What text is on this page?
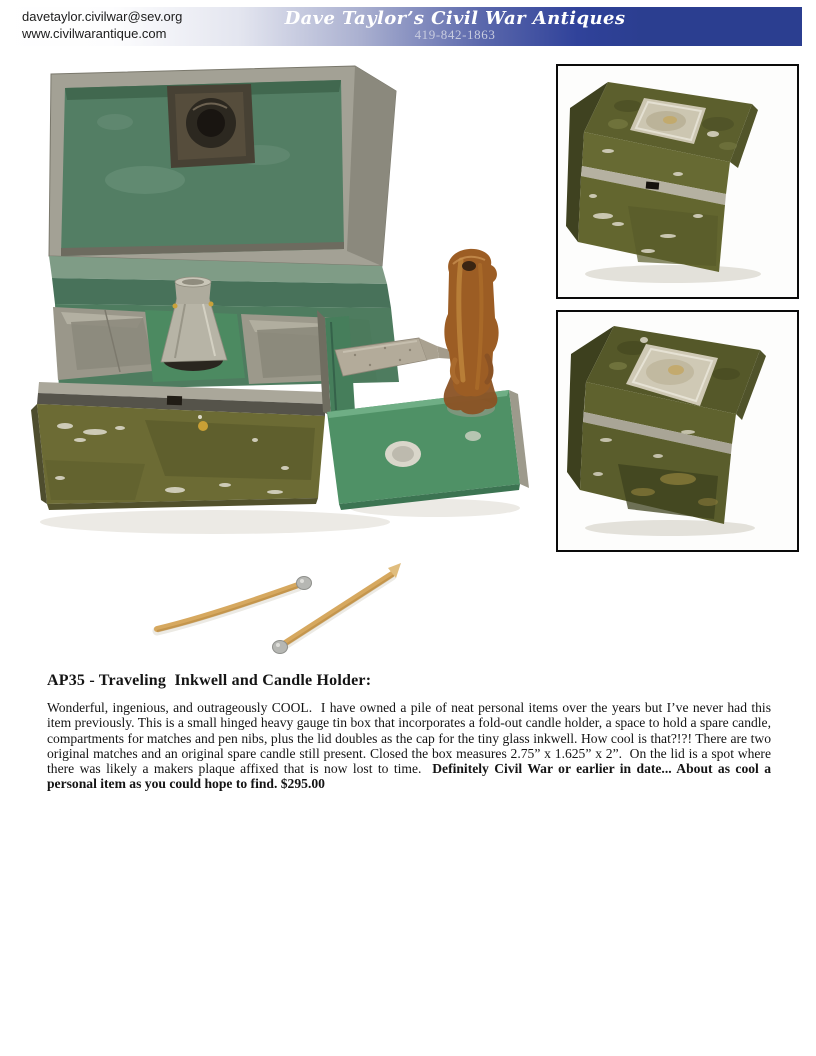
davetaylor.civilwar@sev.org
www.civilwarantique.com
Dave Taylor’s Civil War Antiques
419-842-1863
AP35 - Traveling  Inkwell and Candle Holder:

Wonderful, ingenious, and outrageously COOL.  I have owned a pile of neat personal items over the years but I’ve never had this item previously. This is a small hinged heavy gauge tin box that incorporates a fold-out candle holder, a space to hold a spare candle, compartments for matches and pen nibs, plus the lid doubles as the cap for the tiny glass inkwell. How cool is that?!?! There are two original matches and an original spare candle still present. Closed the box measures 2.75” x 1.625” x 2”.  On the lid is a spot where there was likely a makers plaque affixed that is now lost to time.  Definitely Civil War or earlier in date... About as cool a personal item as you could hope to find. $295.00
